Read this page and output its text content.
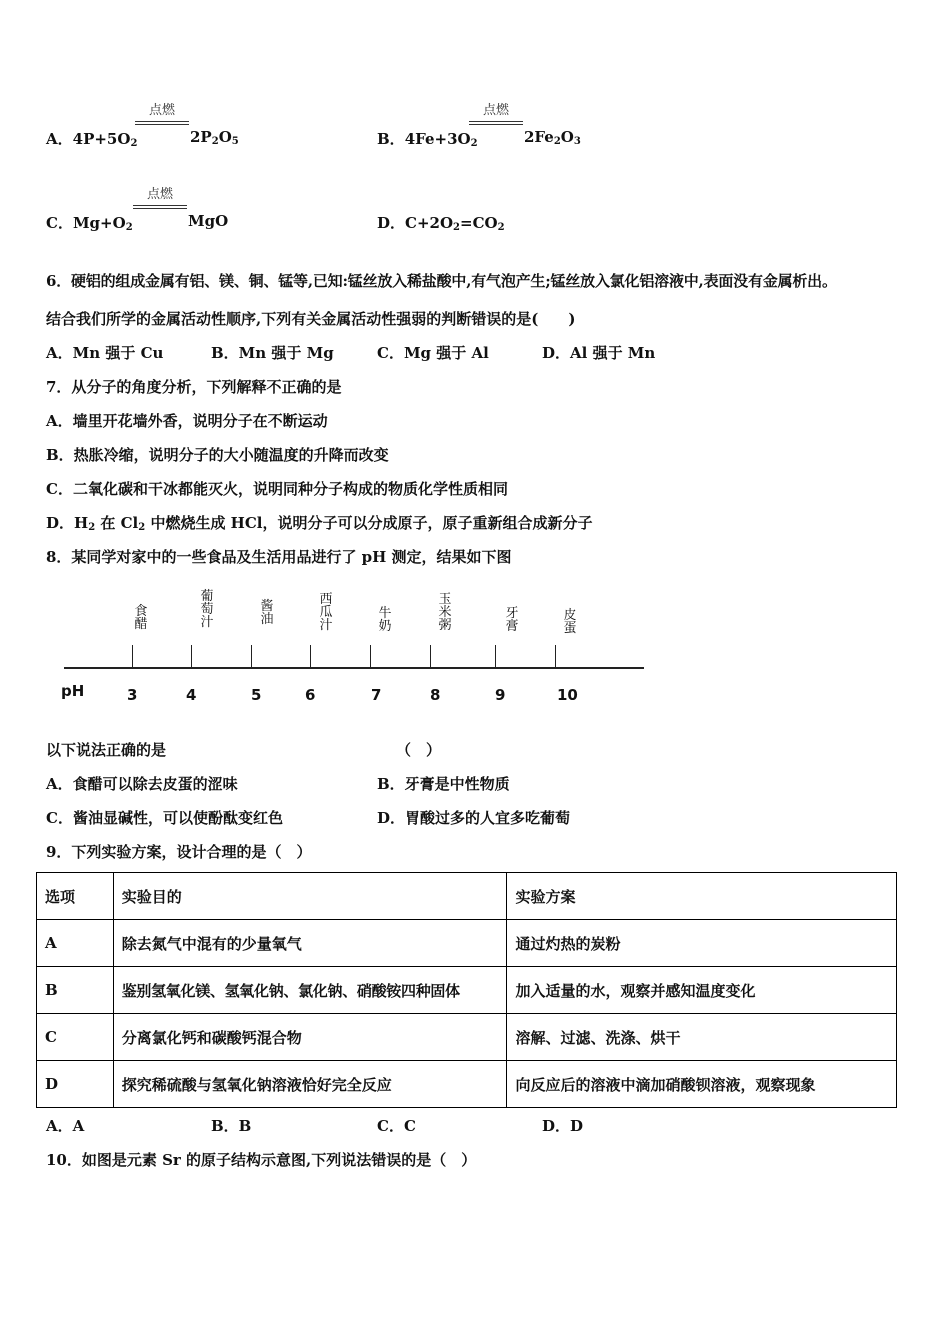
A．$4P+5O_2$
点燃
$2P_2O_5$	B．$4Fe+3O_2$
点燃
$2Fe_2O_3$
C．$Mg+O_2$
点燃
MgO	D．$C+2O_2=CO_2$
6．硬铝的组成金属有铝、镁、铜、锰等,已知:锰丝放入稀盐酸中,有气泡产生;锰丝放入氯化铝溶液中,表面没有金属析出。
结合我们所学的金属活动性顺序,下列有关金属活动性强弱的判断错误的是(　　)
A．Mn 强于 Cu	B．Mn 强于 Mg	C．Mg 强于 Al	D．Al 强于 Mn
7．从分子的角度分析，下列解释不正确的是
A．墙里开花墙外香，说明分子在不断运动
B．热胀冷缩，说明分子的大小随温度的升降而改变
C．二氧化碳和干冰都能灭火，说明同种分子构成的物质化学性质相同
D．$H_2$ 在 $Cl_2$ 中燃烧生成 HCl，说明分子可以分成原子，原子重新组合成新分子
8．某同学对家中的一些食品及生活用品进行了 pH 测定，结果如下图
食醋
葡萄汁
酱油
西瓜汁
牛奶
玉米粥
牙膏
皮蛋
pH	3	4	5	6	7	8	9	10
以下说法正确的是	（　）
A．食醋可以除去皮蛋的涩味	B．牙膏是中性物质
C．酱油显碱性，可以使酚酞变红色	D．胃酸过多的人宜多吃葡萄
9．下列实验方案，设计合理的是（　）
选项	实验目的	实验方案
A	除去氮气中混有的少量氧气	通过灼热的炭粉
B	鉴别氢氧化镁、氢氧化钠、氯化钠、硝酸铵四种固体	加入适量的水，观察并感知温度变化
C	分离氯化钙和碳酸钙混合物	溶解、过滤、洗涤、烘干
D	探究稀硫酸与氢氧化钠溶液恰好完全反应	向反应后的溶液中滴加硝酸钡溶液，观察现象
A．A	B．B	C．C	D．D
10．如图是元素 Sr 的原子结构示意图,下列说法错误的是（　）
